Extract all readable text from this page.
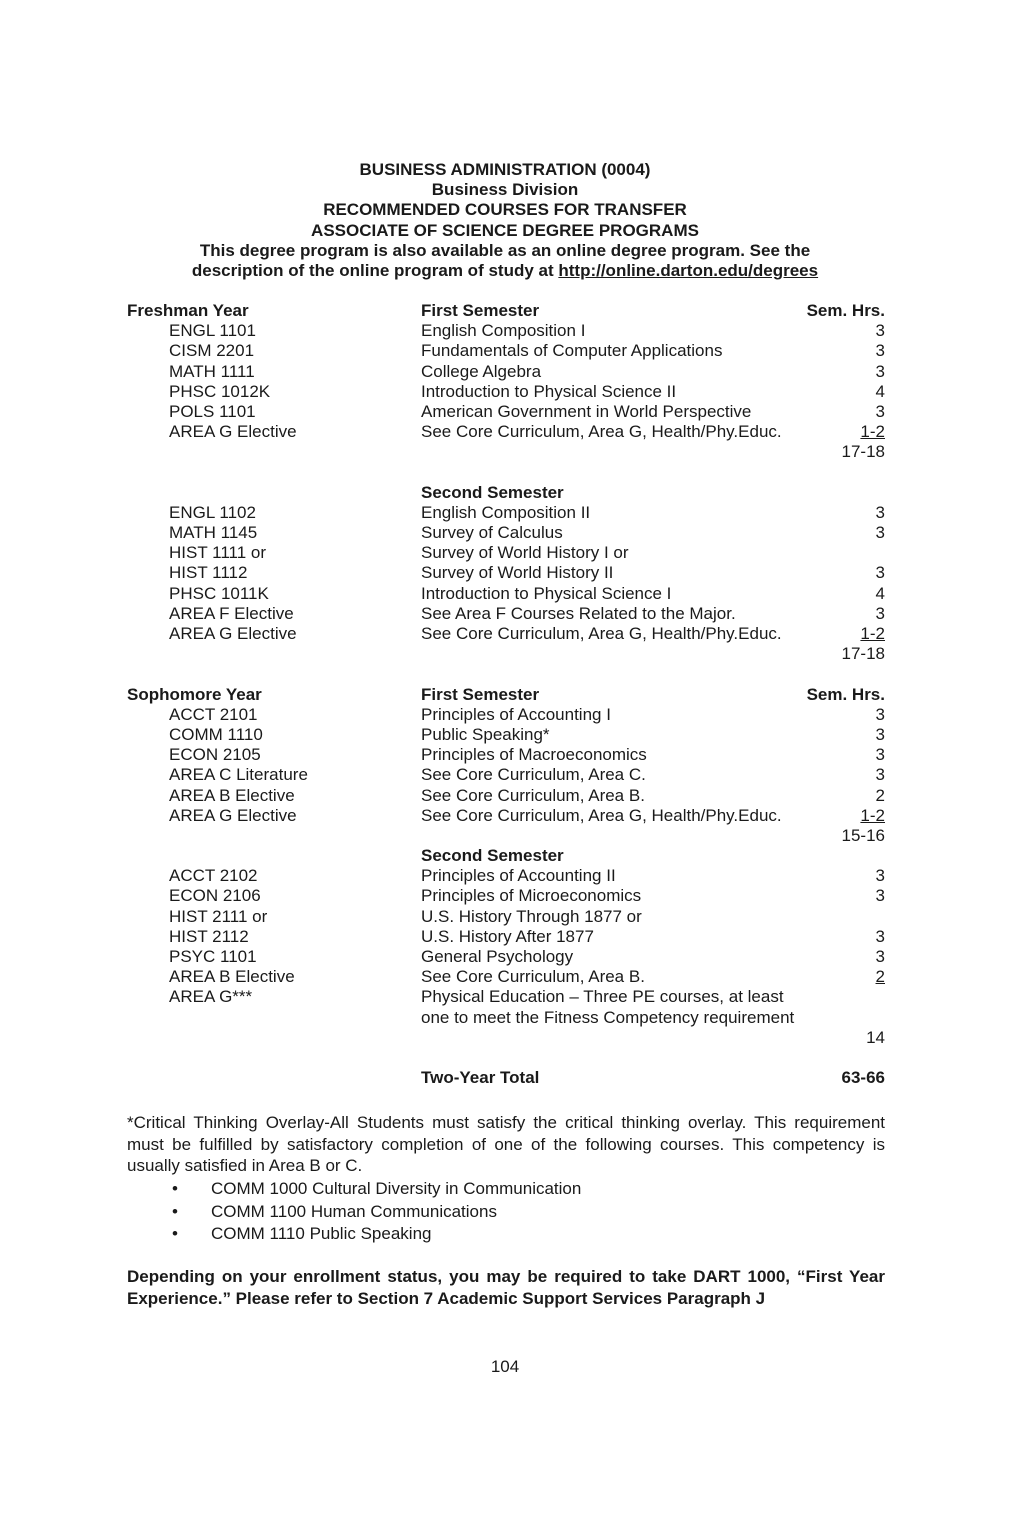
BUSINESS ADMINISTRATION (0004)
Business Division
RECOMMENDED COURSES FOR TRANSFER
ASSOCIATE OF SCIENCE DEGREE PROGRAMS
This degree program is also available as an online degree program. See the
description of the online program of study at http://online.darton.edu/degrees
Freshman Year	First Semester	Sem. Hrs.
ENGL 1101	English Composition I	3
CISM 2201	Fundamentals of Computer Applications	3
MATH 1111	College Algebra	3
PHSC 1012K	Introduction to Physical Science II	4
POLS 1101	American Government in World Perspective	3
AREA G Elective	See Core Curriculum, Area G, Health/Phy.Educ.	1-2
17-18
Second Semester
ENGL 1102	English Composition II	3
MATH 1145	Survey of Calculus	3
HIST 1111 or	Survey of World History I or
HIST 1112	Survey of World History II	3
PHSC 1011K	Introduction to Physical Science I	4
AREA F Elective	See Area F Courses Related to the Major.	3
AREA G Elective	See Core Curriculum, Area G, Health/Phy.Educ.	1-2
17-18
Sophomore Year	First Semester	Sem. Hrs.
ACCT 2101	Principles of Accounting I	3
COMM 1110	Public Speaking*	3
ECON 2105	Principles of Macroeconomics	3
AREA C Literature	See Core Curriculum, Area C.	3
AREA B Elective	See Core Curriculum, Area B.	2
AREA G Elective	See Core Curriculum, Area G, Health/Phy.Educ.	1-2
15-16
Second Semester
ACCT 2102	Principles of Accounting II	3
ECON 2106	Principles of Microeconomics	3
HIST 2111 or	U.S. History Through 1877 or
HIST 2112	U.S. History After 1877	3
PSYC 1101	General Psychology	3
AREA B Elective	See Core Curriculum, Area B.	2
AREA G***	Physical Education – Three PE courses, at least
one to meet the Fitness Competency requirement
14
Two-Year Total	63-66
*Critical Thinking Overlay-All Students must satisfy the critical thinking overlay. This requirement must be fulfilled by satisfactory completion of one of the following courses. This competency is usually satisfied in Area B or C.
• COMM 1000 Cultural Diversity in Communication
• COMM 1100 Human Communications
• COMM 1110 Public Speaking
Depending on your enrollment status, you may be required to take DART 1000, “First Year Experience.” Please refer to Section 7 Academic Support Services Paragraph J
104
